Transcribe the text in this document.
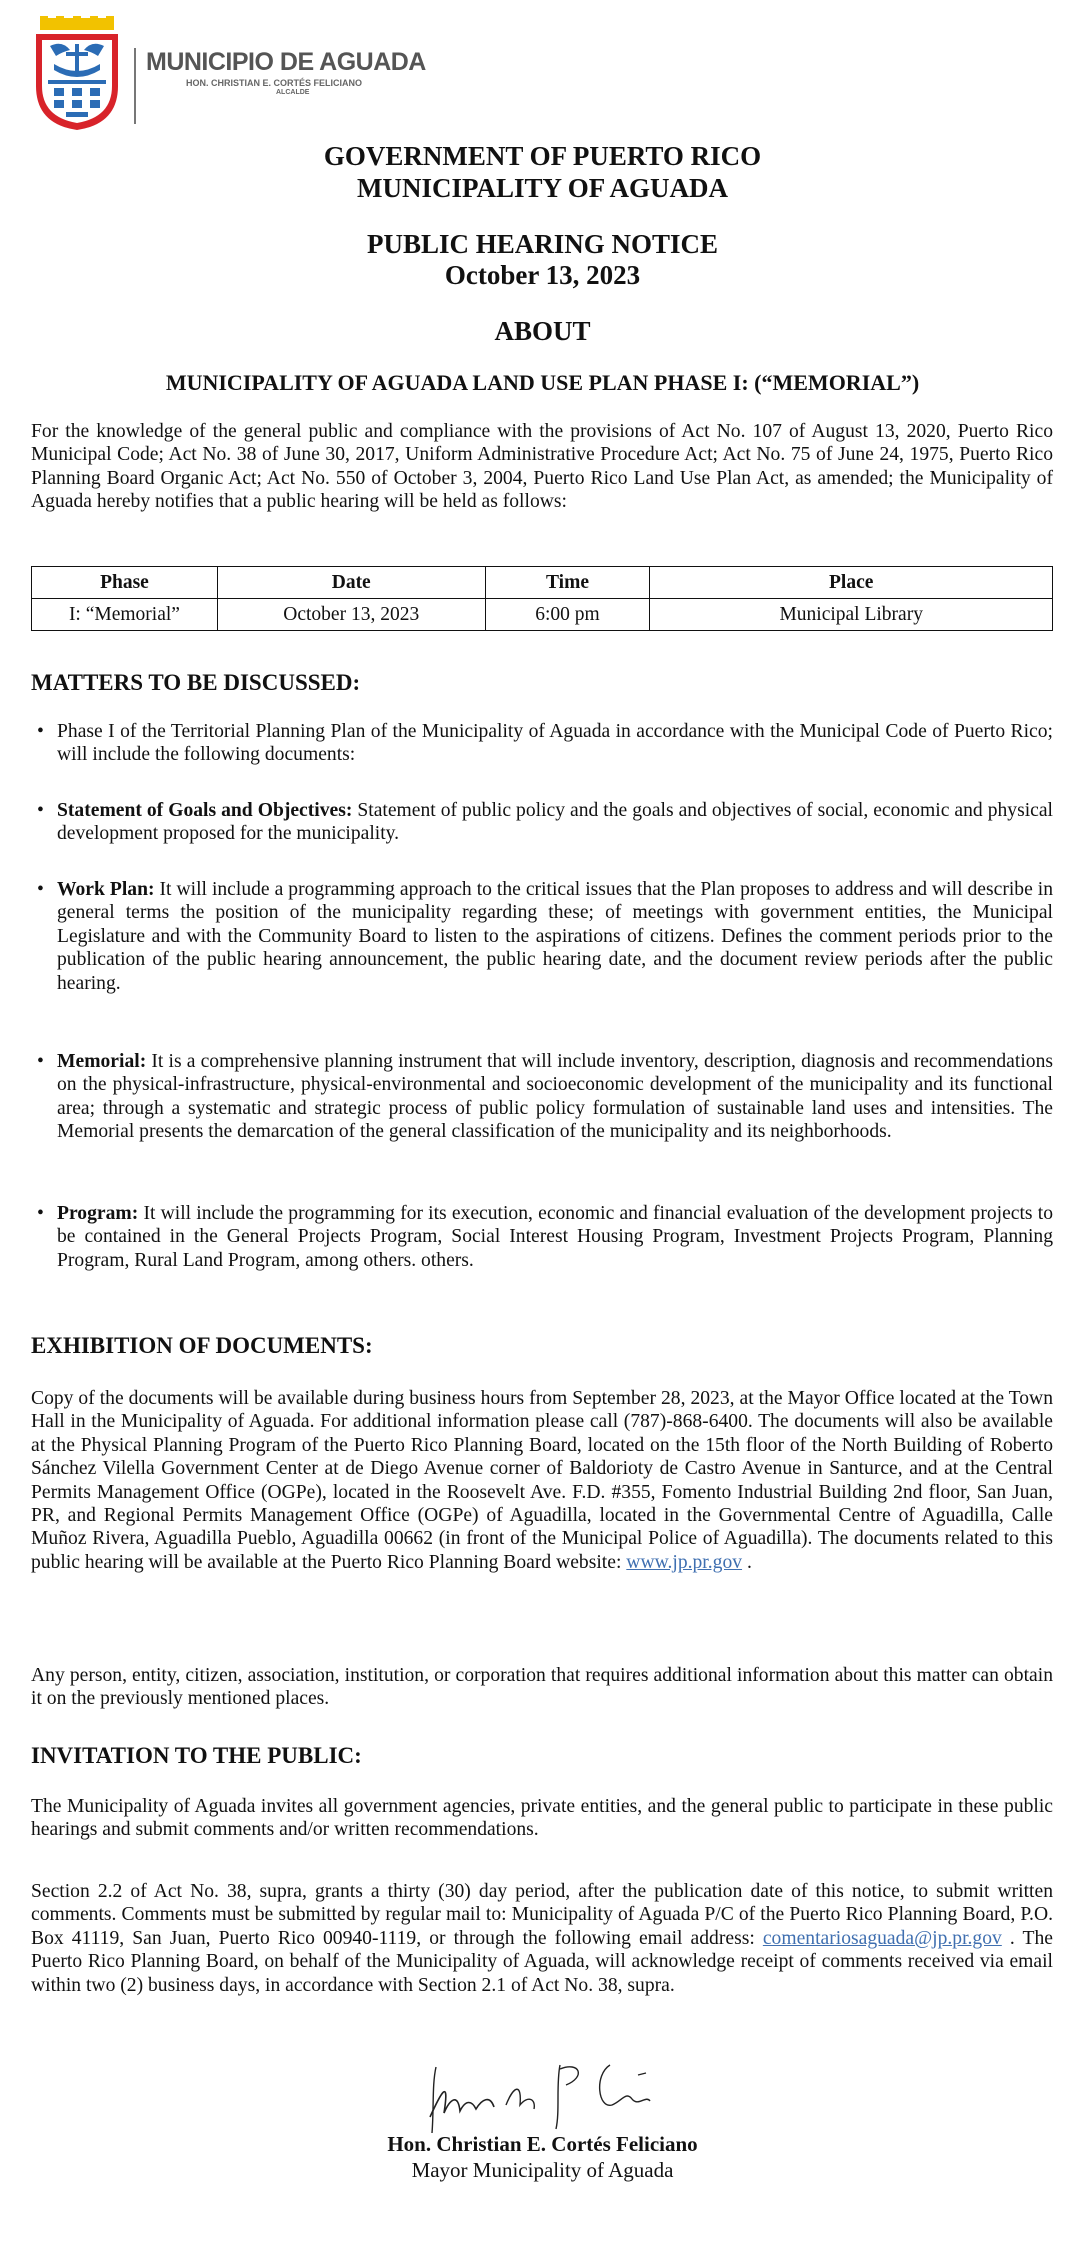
MUNICIPIO DE AGUADA
HON. CHRISTIAN E. CORTÉS FELICIANO
ALCALDE
GOVERNMENT OF PUERTO RICO
MUNICIPALITY OF AGUADA
PUBLIC HEARING NOTICE
October 13, 2023
ABOUT
MUNICIPALITY OF AGUADA LAND USE PLAN PHASE I: (“MEMORIAL”)

For the knowledge of the general public and compliance with the provisions of Act No. 107 of August 13, 2020, Puerto Rico Municipal Code; Act No. 38 of June 30, 2017, Uniform Administrative Procedure Act; Act No. 75 of June 24, 1975, Puerto Rico Planning Board Organic Act; Act No. 550 of October 3, 2004, Puerto Rico Land Use Plan Act, as amended; the Municipality of Aguada hereby notifies that a public hearing will be held as follows:

Phase	Date	Time	Place
I: “Memorial”	October 13, 2023	6:00 pm	Municipal Library
MATTERS TO BE DISCUSSED:
• Phase I of the Territorial Planning Plan of the Municipality of Aguada in accordance with the Municipal Code of Puerto Rico; will include the following documents:
• Statement of Goals and Objectives: Statement of public policy and the goals and objectives of social, economic and physical development proposed for the municipality.
• Work Plan: It will include a programming approach to the critical issues that the Plan proposes to address and will describe in general terms the position of the municipality regarding these; of meetings with government entities, the Municipal Legislature and with the Community Board to listen to the aspirations of citizens. Defines the comment periods prior to the publication of the public hearing announcement, the public hearing date, and the document review periods after the public hearing.
• Memorial: It is a comprehensive planning instrument that will include inventory, description, diagnosis and recommendations on the physical-infrastructure, physical-environmental and socioeconomic development of the municipality and its functional area; through a systematic and strategic process of public policy formulation of sustainable land uses and intensities. The Memorial presents the demarcation of the general classification of the municipality and its neighborhoods.
• Program: It will include the programming for its execution, economic and financial evaluation of the development projects to be contained in the General Projects Program, Social Interest Housing Program, Investment Projects Program, Planning Program, Rural Land Program, among others. others.
EXHIBITION OF DOCUMENTS:

Copy of the documents will be available during business hours from September 28, 2023, at the Mayor Office located at the Town Hall in the Municipality of Aguada. For additional information please call (787)-868-6400. The documents will also be available at the Physical Planning Program of the Puerto Rico Planning Board, located on the 15th floor of the North Building of Roberto Sánchez Vilella Government Center at de Diego Avenue corner of Baldorioty de Castro Avenue in Santurce, and at the Central Permits Management Office (OGPe), located in the Roosevelt Ave. F.D. #355, Fomento Industrial Building 2nd floor, San Juan, PR, and Regional Permits Management Office (OGPe) of Aguadilla, located in the Governmental Centre of Aguadilla, Calle Muñoz Rivera, Aguadilla Pueblo, Aguadilla 00662 (in front of the Municipal Police of Aguadilla). The documents related to this public hearing will be available at the Puerto Rico Planning Board website: www.jp.pr.gov .

Any person, entity, citizen, association, institution, or corporation that requires additional information about this matter can obtain it on the previously mentioned places.

INVITATION TO THE PUBLIC:

The Municipality of Aguada invites all government agencies, private entities, and the general public to participate in these public hearings and submit comments and/or written recommendations.

Section 2.2 of Act No. 38, supra, grants a thirty (30) day period, after the publication date of this notice, to submit written comments. Comments must be submitted by regular mail to: Municipality of Aguada P/C of the Puerto Rico Planning Board, P.O. Box 41119, San Juan, Puerto Rico 00940-1119, or through the following email address: comentariosaguada@jp.pr.gov . The Puerto Rico Planning Board, on behalf of the Municipality of Aguada, will acknowledge receipt of comments received via email within two (2) business days, in accordance with Section 2.1 of Act No. 38, supra.

Hon. Christian E. Cortés Feliciano
Mayor Municipality of Aguada
